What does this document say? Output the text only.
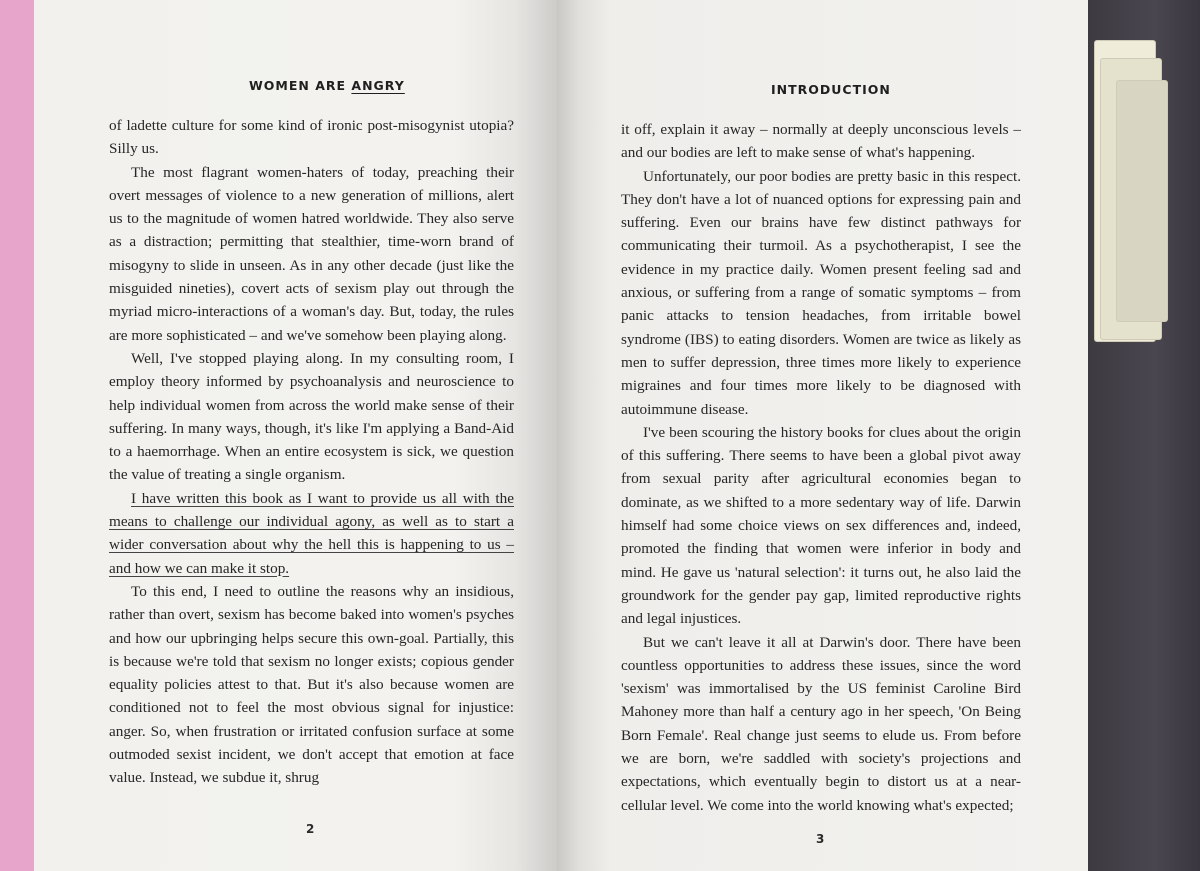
WOMEN ARE ANGRY

of ladette culture for some kind of ironic post-misogynist utopia? Silly us.

The most flagrant women-haters of today, preaching their overt messages of violence to a new generation of millions, alert us to the magnitude of women hatred worldwide. They also serve as a distraction; permitting that stealthier, time-worn brand of misogyny to slide in unseen. As in any other decade (just like the misguided nineties), covert acts of sexism play out through the myriad micro-interactions of a woman's day. But, today, the rules are more sophisticated – and we've somehow been playing along.

Well, I've stopped playing along. In my consulting room, I employ theory informed by psychoanalysis and neuroscience to help individual women from across the world make sense of their suffering. In many ways, though, it's like I'm applying a Band-Aid to a haemorrhage. When an entire ecosystem is sick, we question the value of treating a single organism.

I have written this book as I want to provide us all with the means to challenge our individual agony, as well as to start a wider conversation about why the hell this is happening to us – and how we can make it stop.

To this end, I need to outline the reasons why an insidious, rather than overt, sexism has become baked into women's psyches and how our upbringing helps secure this own-goal. Partially, this is because we're told that sexism no longer exists; copious gender equality policies attest to that. But it's also because women are conditioned not to feel the most obvious signal for injustice: anger. So, when frustration or irritated confusion surface at some outmoded sexist incident, we don't accept that emotion at face value. Instead, we subdue it, shrug

2
INTRODUCTION

it off, explain it away – normally at deeply unconscious levels – and our bodies are left to make sense of what's happening.

Unfortunately, our poor bodies are pretty basic in this respect. They don't have a lot of nuanced options for expressing pain and suffering. Even our brains have few distinct pathways for communicating their turmoil. As a psychotherapist, I see the evidence in my practice daily. Women present feeling sad and anxious, or suffering from a range of somatic symptoms – from panic attacks to tension headaches, from irritable bowel syndrome (IBS) to eating disorders. Women are twice as likely as men to suffer depression, three times more likely to experience migraines and four times more likely to be diagnosed with autoimmune disease.

I've been scouring the history books for clues about the origin of this suffering. There seems to have been a global pivot away from sexual parity after agricultural economies began to dominate, as we shifted to a more sedentary way of life. Darwin himself had some choice views on sex differences and, indeed, promoted the finding that women were inferior in body and mind. He gave us 'natural selection': it turns out, he also laid the groundwork for the gender pay gap, limited reproductive rights and legal injustices.

But we can't leave it all at Darwin's door. There have been countless opportunities to address these issues, since the word 'sexism' was immortalised by the US feminist Caroline Bird Mahoney more than half a century ago in her speech, 'On Being Born Female'. Real change just seems to elude us. From before we are born, we're saddled with society's projections and expectations, which eventually begin to distort us at a near-cellular level. We come into the world knowing what's expected;

3
